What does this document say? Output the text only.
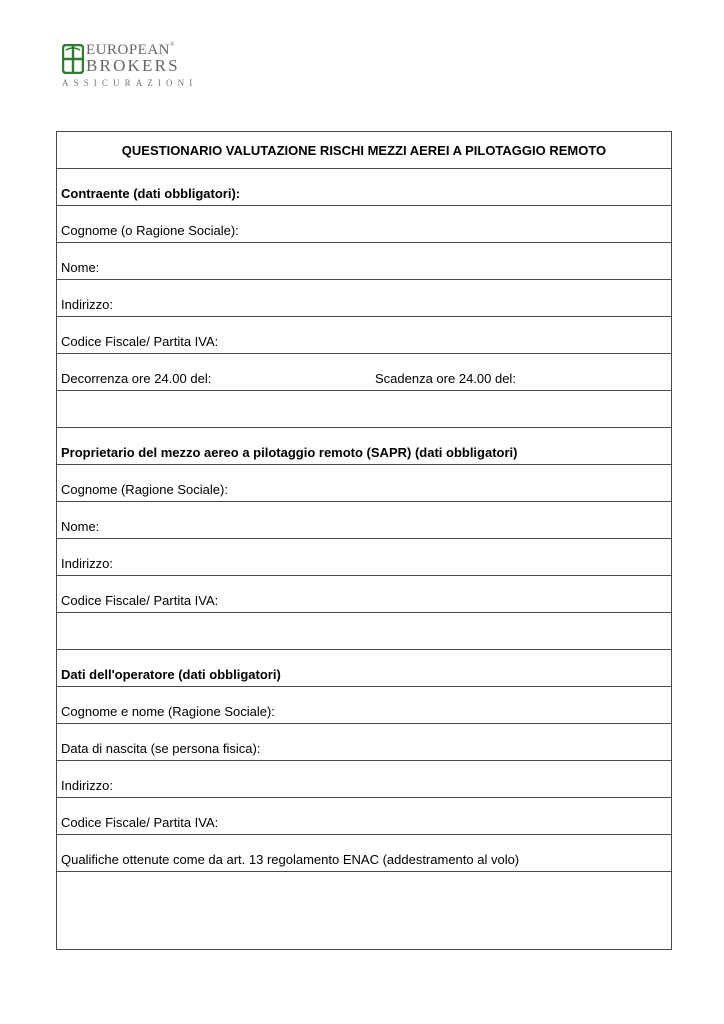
EUROPEAN®
BROKERS
ASSICURAZIONI
QUESTIONARIO VALUTAZIONE RISCHI MEZZI AEREI A PILOTAGGIO REMOTO
Contraente (dati obbligatori):
Cognome (o Ragione Sociale):
Nome:
Indirizzo:
Codice Fiscale/ Partita IVA:
Decorrenza ore 24.00 del:	Scadenza ore 24.00 del:
Proprietario del mezzo aereo a pilotaggio remoto (SAPR) (dati obbligatori)
Cognome (Ragione Sociale):
Nome:
Indirizzo:
Codice Fiscale/ Partita IVA:
Dati dell'operatore (dati obbligatori)
Cognome e nome (Ragione Sociale):
Data di nascita (se persona fisica):
Indirizzo:
Codice Fiscale/ Partita IVA:
Qualifiche ottenute come da art. 13 regolamento ENAC (addestramento al volo)
